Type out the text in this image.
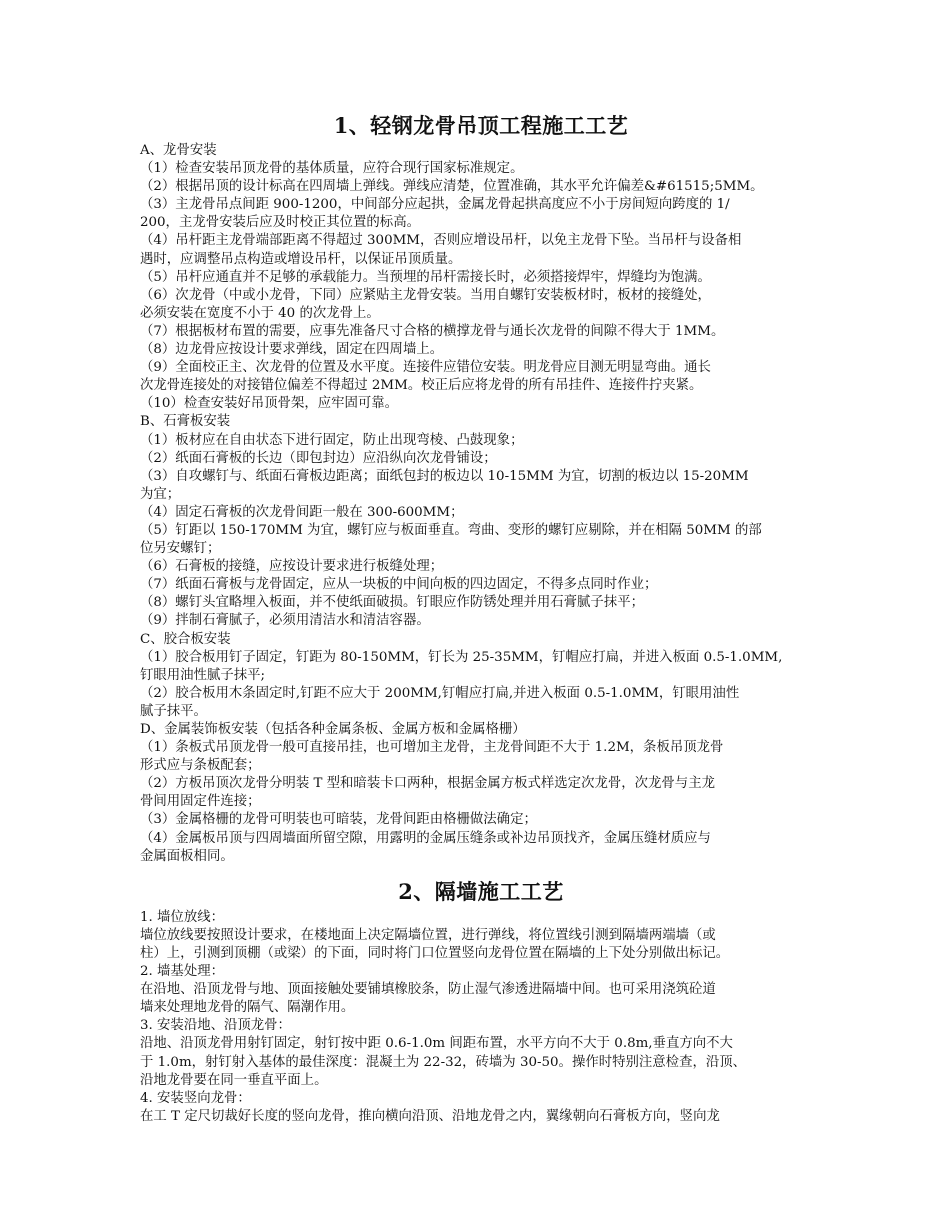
1、轻钢龙骨吊顶工程施工工艺

A、龙骨安装

（1）检查安装吊顶龙骨的基体质量，应符合现行国家标准规定。

（2）根据吊顶的设计标高在四周墙上弹线。弹线应清楚，位置准确，其水平允许偏差&#61515;5MM。

（3）主龙骨吊点间距 900-1200，中间部分应起拱，金属龙骨起拱高度应不小于房间短向跨度的 1/

200，主龙骨安装后应及时校正其位置的标高。

（4）吊杆距主龙骨端部距离不得超过 300MM，否则应增设吊杆，以免主龙骨下坠。当吊杆与设备相

遇时，应调整吊点构造或增设吊杆，以保证吊顶质量。

（5）吊杆应通直并不足够的承载能力。当预埋的吊杆需接长时，必须搭接焊牢，焊缝均为饱满。

（6）次龙骨（中或小龙骨，下同）应紧贴主龙骨安装。当用自螺钉安装板材时，板材的接缝处，

必须安装在宽度不小于 40 的次龙骨上。

（7）根据板材布置的需要，应事先准备尺寸合格的横撑龙骨与通长次龙骨的间隙不得大于 1MM。

（8）边龙骨应按设计要求弹线，固定在四周墙上。

（9）全面校正主、次龙骨的位置及水平度。连接件应错位安装。明龙骨应目测无明显弯曲。通长

次龙骨连接处的对接错位偏差不得超过 2MM。校正后应将龙骨的所有吊挂件、连接件拧夹紧。

（10）检查安装好吊顶骨架，应牢固可靠。

B、石膏板安装

（1）板材应在自由状态下进行固定，防止出现弯棱、凸鼓现象；

（2）纸面石膏板的长边（即包封边）应沿纵向次龙骨铺设；

（3）自攻螺钉与、纸面石膏板边距离；面纸包封的板边以 10-15MM 为宜，切割的板边以 15-20MM

为宜；

（4）固定石膏板的次龙骨间距一般在 300-600MM；

（5）钉距以 150-170MM 为宜，螺钉应与板面垂直。弯曲、变形的螺钉应剔除，并在相隔 50MM 的部

位另安螺钉；

（6）石膏板的接缝，应按设计要求进行板缝处理；

（7）纸面石膏板与龙骨固定，应从一块板的中间向板的四边固定，不得多点同时作业；

（8）螺钉头宜略埋入板面，并不使纸面破损。钉眼应作防锈处理并用石膏腻子抹平；

（9）拌制石膏腻子，必须用清洁水和清洁容器。

C、胶合板安装

（1）胶合板用钉子固定，钉距为 80-150MM，钉长为 25-35MM，钉帽应打扁，并进入板面 0.5-1.0MM,

钉眼用油性腻子抹平;

（2）胶合板用木条固定时,钉距不应大于 200MM,钉帽应打扁,并进入板面 0.5-1.0MM，钉眼用油性

腻子抹平。

D、金属装饰板安装（包括各种金属条板、金属方板和金属格栅）

（1）条板式吊顶龙骨一般可直接吊挂，也可增加主龙骨，主龙骨间距不大于 1.2M，条板吊顶龙骨

形式应与条板配套；

（2）方板吊顶次龙骨分明装 T 型和暗装卡口两种，根据金属方板式样选定次龙骨，次龙骨与主龙

骨间用固定件连接；

（3）金属格栅的龙骨可明装也可暗装，龙骨间距由格栅做法确定；

（4）金属板吊顶与四周墙面所留空隙，用露明的金属压缝条或补边吊顶找齐，金属压缝材质应与

金属面板相同。

2、隔墙施工工艺

1. 墙位放线：

墙位放线要按照设计要求，在楼地面上决定隔墙位置，进行弹线，将位置线引测到隔墙两端墙（或

柱）上，引测到顶棚（或梁）的下面，同时将门口位置竖向龙骨位置在隔墙的上下处分别做出标记。

2. 墙基处理：

在沿地、沿顶龙骨与地、顶面接触处要铺填橡胶条，防止湿气渗透进隔墙中间。也可采用浇筑砼道

墙来处理地龙骨的隔气、隔潮作用。

3. 安装沿地、沿顶龙骨：

沿地、沿顶龙骨用射钉固定，射钉按中距 0.6-1.0m 间距布置，水平方向不大于 0.8m,垂直方向不大

于 1.0m，射钉射入基体的最佳深度：混凝土为 22-32，砖墙为 30-50。操作时特别注意检查，沿顶、

沿地龙骨要在同一垂直平面上。

4. 安装竖向龙骨：

在工 T 定尺切裁好长度的竖向龙骨，推向横向沿顶、沿地龙骨之内，翼缘朝向石膏板方向，竖向龙
